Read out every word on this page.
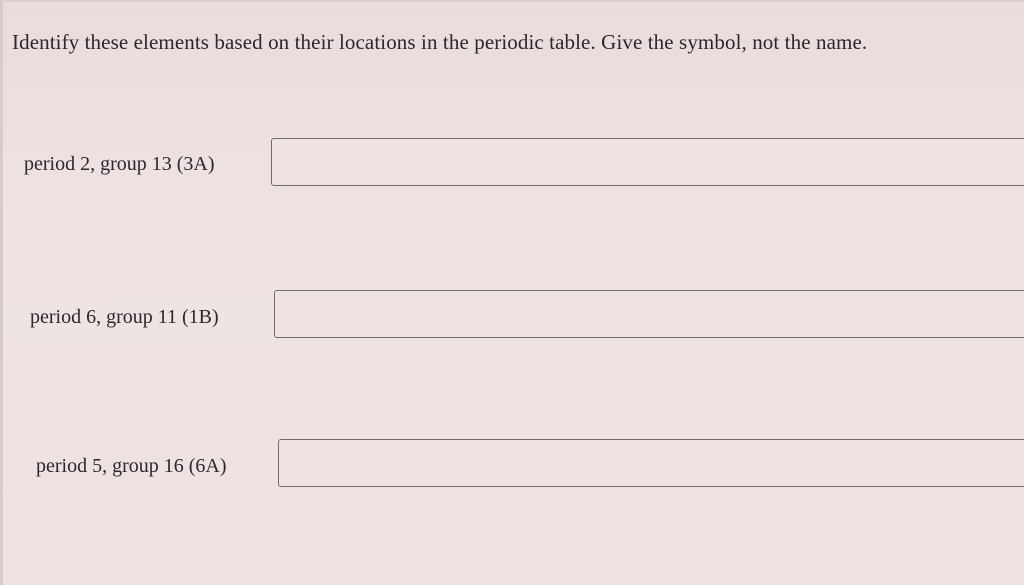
Identify these elements based on their locations in the periodic table. Give the symbol, not the name.
period 2, group 13 (3A)
period 6, group 11 (1B)
period 5, group 16 (6A)
